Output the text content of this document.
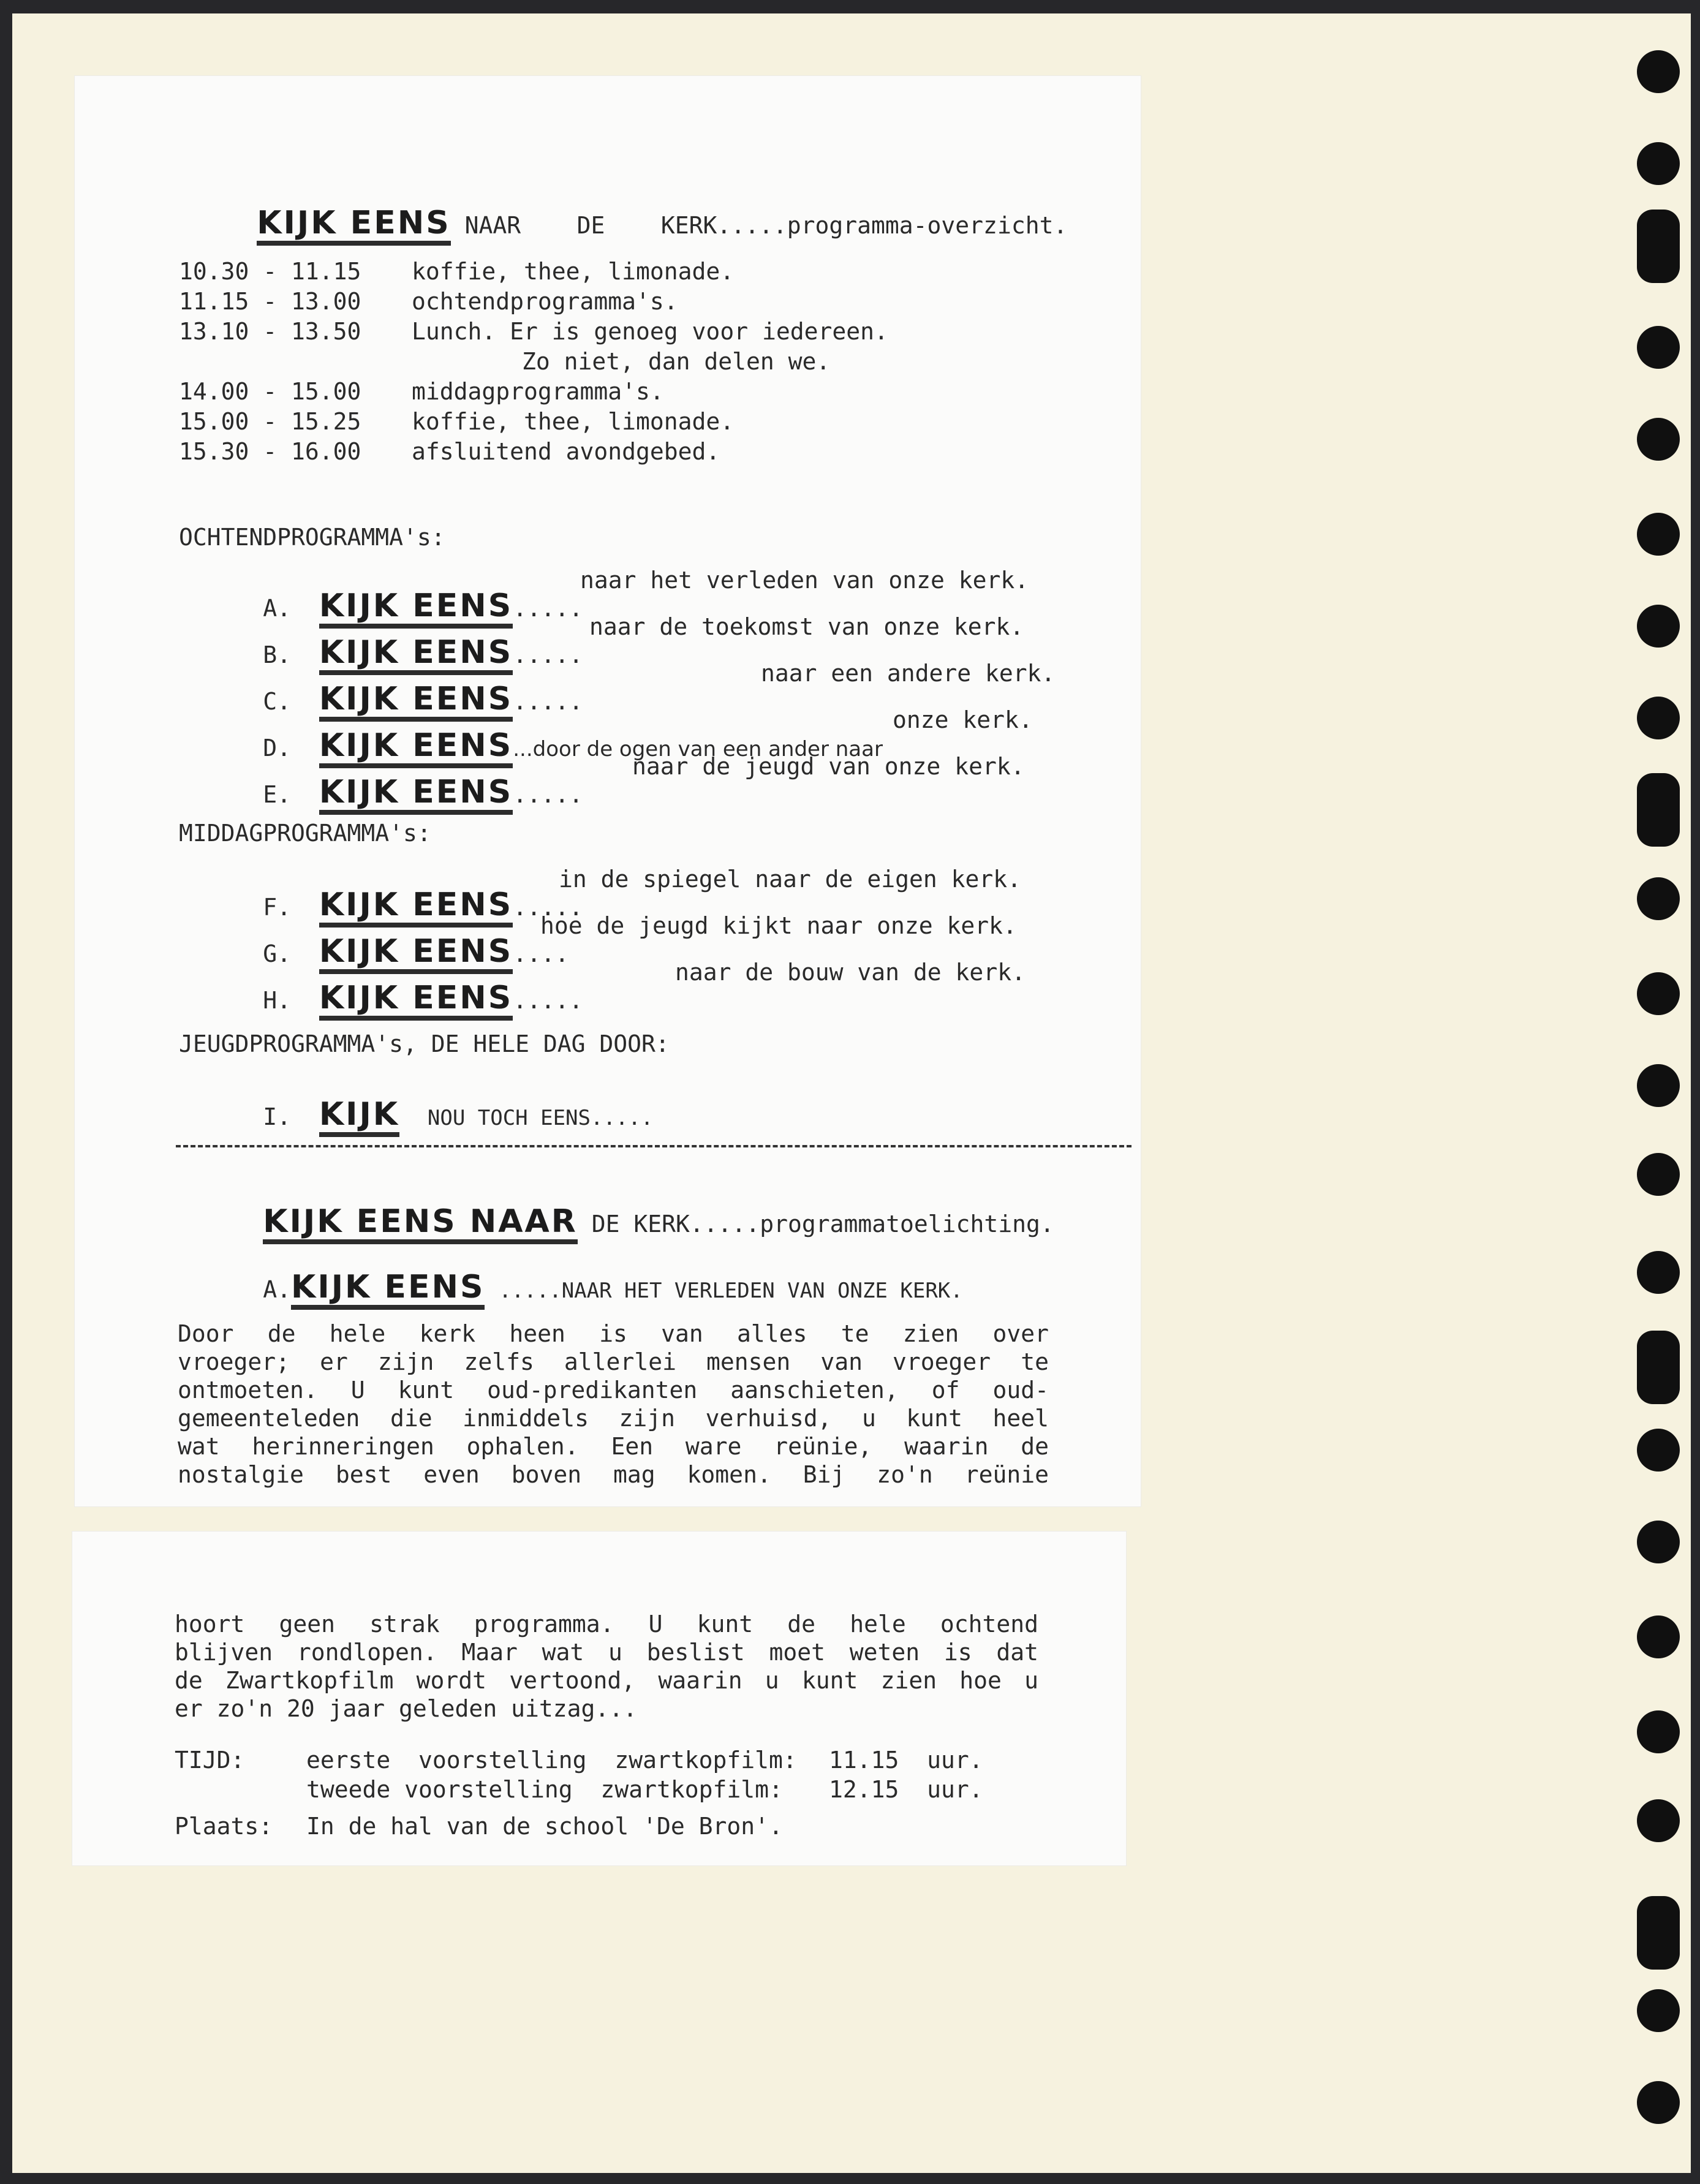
KIJK EENS NAAR    DE    KERK.....programma-overzicht.

10.30 - 11.15	koffie, thee, limonade.
11.15 - 13.00	ochtendprogramma's.
13.10 - 13.50	Lunch. Er is genoeg voor iedereen.
	Zo niet, dan delen we.
14.00 - 15.00	middagprogramma's.
15.00 - 15.25	koffie, thee, limonade.
15.30 - 16.00	afsluitend avondgebed.
OCHTENDPROGRAMMA's:

A. KIJK EENS.....

naar het verleden van onze kerk.

B. KIJK EENS.....

naar de toekomst van onze kerk.

C. KIJK EENS.....

naar een andere kerk.

D. KIJK EENS...door de ogen van een ander naar

onze kerk.

E. KIJK EENS.....

naar de jeugd van onze kerk.
MIDDAGPROGRAMMA's:

F. KIJK EENS.....

in de spiegel naar de eigen kerk.

G. KIJK EENS....

hoe de jeugd kijkt naar onze kerk.

H. KIJK EENS.....

naar de bouw van de kerk.
JEUGDPROGRAMMA's, DE HELE DAG DOOR:

I. KIJK NOU TOCH EENS.....

KIJK EENS NAAR DE KERK.....programmatoelichting.

A.KIJK EENS .....NAAR HET VERLEDEN VAN ONZE KERK.

Door de hele kerk heen is van alles te zien over
vroeger; er zijn zelfs allerlei mensen van vroeger te
ontmoeten. U kunt oud-predikanten aanschieten, of oud-
gemeenteleden die inmiddels zijn verhuisd, u kunt heel
wat herinneringen ophalen. Een ware reünie, waarin de
nostalgie best even boven mag komen. Bij zo'n reünie
hoort geen strak programma. U kunt de hele ochtend
blijven rondlopen. Maar wat u beslist moet weten is dat
de Zwartkopfilm wordt vertoond, waarin u kunt zien hoe u
er zo'n 20 jaar geleden uitzag...
TIJD:	eerste  voorstelling  zwartkopfilm: 11.15  uur.
tweede voorstelling  zwartkopfilm: 12.15  uur.
Plaats: In de hal van de school 'De Bron'.
